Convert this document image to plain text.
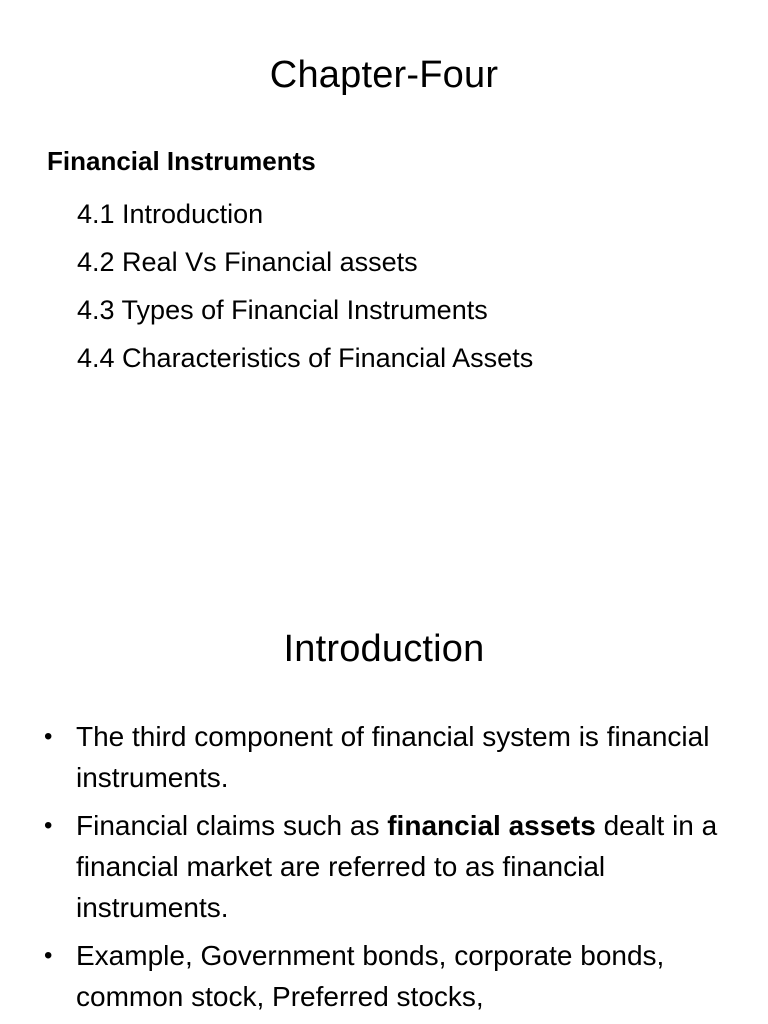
Chapter-Four
Financial Instruments
4.1 Introduction
4.2 Real Vs Financial assets
4.3 Types of Financial Instruments
4.4 Characteristics of Financial Assets
Introduction
• The third component of financial system is financial instruments.
• Financial claims such as financial assets dealt in a financial market are referred to as financial instruments.
• Example, Government bonds, corporate bonds, common stock, Preferred stocks,
